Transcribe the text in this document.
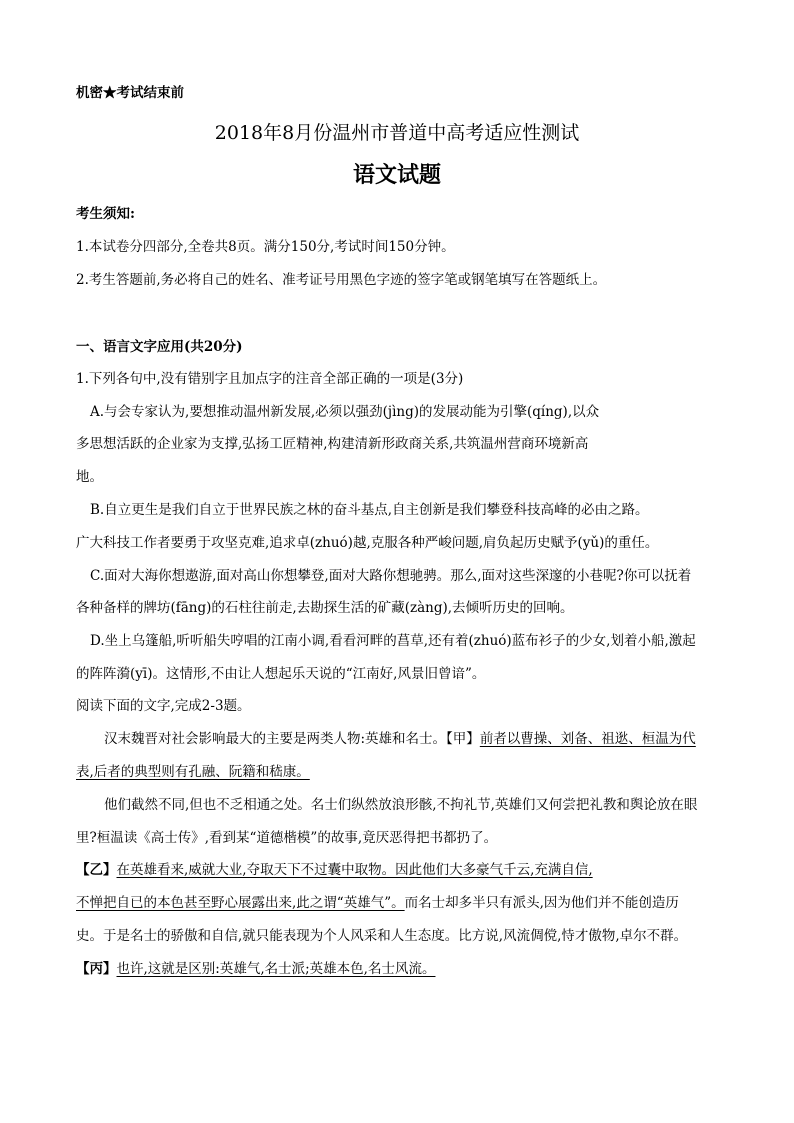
机密★考试结束前
2018年8月份温州市普道中高考适应性测试
语文试题
考生须知:
1.本试卷分四部分,全卷共8页。满分150分,考试时间150分钟。
2.考生答题前,务必将自己的姓名、准考证号用黑色字迹的签字笔或钢笔填写在答题纸上。
一、语言文字应用(共20分)
1.下列各句中,没有错别字且加点字的注音全部正确的一项是(3分)
A.与会专家认为,要想推动温州新发展,必须以强劲(jìng)的发展动能为引擎(qíng),以众
多思想活跃的企业家为支撑,弘扬工匠精神,构建清新形政商关系,共筑温州营商环境新高
地。
B.自立更生是我们自立于世界民族之林的奋斗基点,自主创新是我们攀登科技高峰的必由之路。
广大科技工作者要勇于攻坚克难,追求卓(zhuó)越,克服各种严峻问题,肩负起历史赋予(yǔ)的重任。
C.面对大海你想遨游,面对高山你想攀登,面对大路你想驰骋。那么,面对这些深邃的小巷呢?你可以抚着
各种备样的牌坊(fāng)的石柱往前走,去勘探生活的矿藏(zàng),去倾听历史的回响。
D.坐上乌篷船,听听船失哼唱的江南小调,看看河畔的菖草,还有着(zhuó)蓝布衫子的少女,划着小船,激起
的阵阵漪(yī)。这情形,不由让人想起乐天说的“江南好,风景旧曾谙”。
阅读下面的文字,完成2-3题。
汉末魏晋对社会影响最大的主要是两类人物:英雄和名士。【甲】前者以曹操、刘备、祖逖、桓温为代
表,后者的典型则有孔融、阮籍和嵇康。
他们截然不同,但也不乏相通之处。名士们纵然放浪形骸,不拘礼节,英雄们又何尝把礼教和舆论放在眼
里?桓温读《高士传》,看到某“道德楷模”的故事,竟厌恶得把书都扔了。
【乙】在英雄看来,威就大业,夺取天下不过囊中取物。因此他们大多豪气千云,充满自信,
不惮把自已的本色甚至野心展露出来,此之谓“英雄气”。而名士却多半只有派头,因为他们并不能创造历
史。于是名士的骄傲和自信,就只能表现为个人风采和人生态度。比方说,风流倜傥,恃才傲物,卓尔不群。
【丙】也许,这就是区别:英雄气,名士派;英雄本色,名士风流。
